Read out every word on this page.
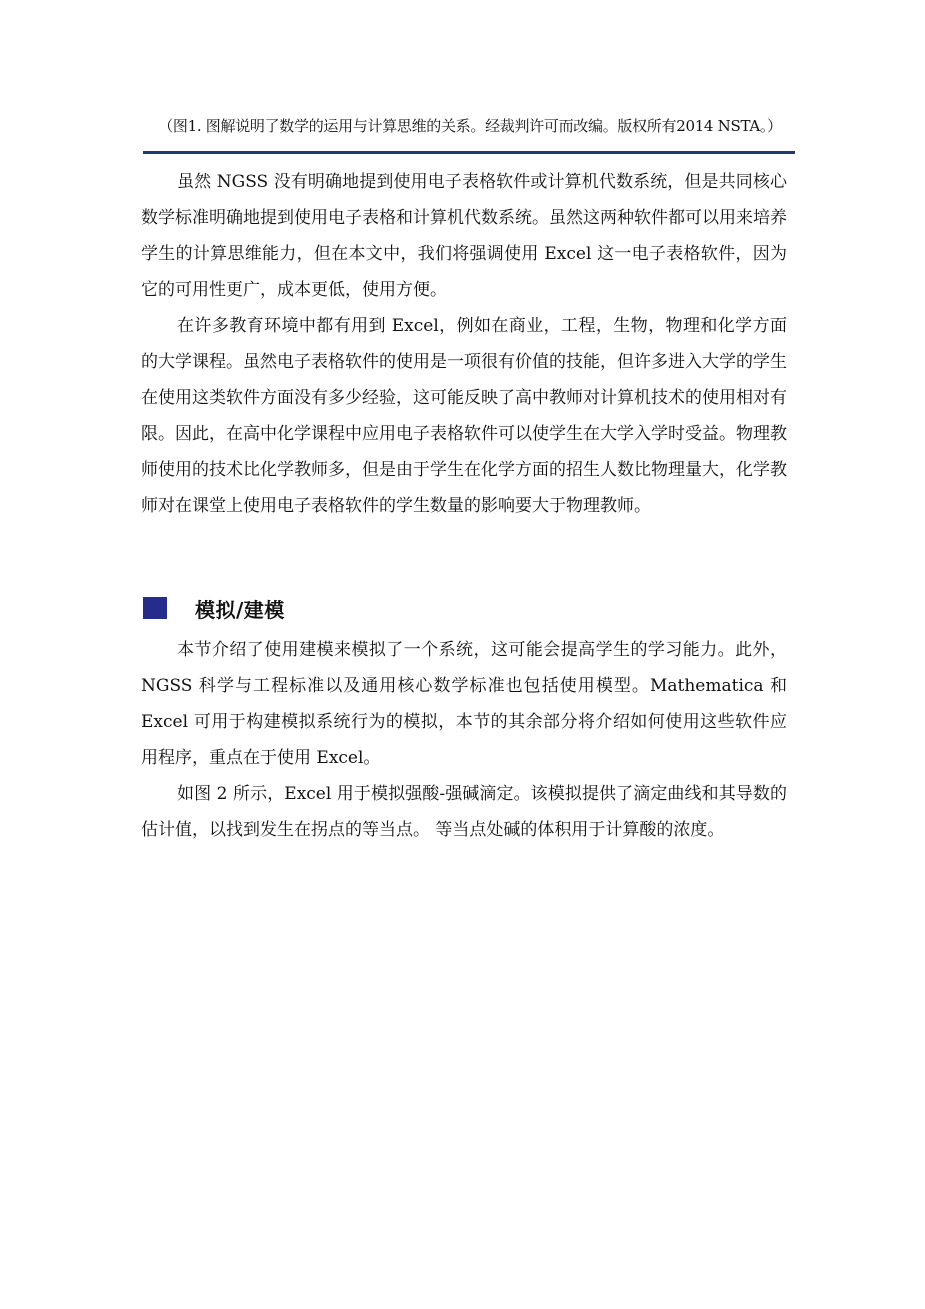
（图1. 图解说明了数学的运用与计算思维的关系。经裁判许可而改编。版权所有2014 NSTA。）

虽然 NGSS 没有明确地提到使用电子表格软件或计算机代数系统，但是共同核心数学标准明确地提到使用电子表格和计算机代数系统。虽然这两种软件都可以用来培养学生的计算思维能力，但在本文中，我们将强调使用 Excel 这一电子表格软件，因为它的可用性更广，成本更低，使用方便。

在许多教育环境中都有用到 Excel，例如在商业，工程，生物，物理和化学方面的大学课程。虽然电子表格软件的使用是一项很有价值的技能，但许多进入大学的学生在使用这类软件方面没有多少经验，这可能反映了高中教师对计算机技术的使用相对有限。因此，在高中化学课程中应用电子表格软件可以使学生在大学入学时受益。物理教师使用的技术比化学教师多，但是由于学生在化学方面的招生人数比物理量大，化学教师对在课堂上使用电子表格软件的学生数量的影响要大于物理教师。

模拟/建模

本节介绍了使用建模来模拟了一个系统，这可能会提高学生的学习能力。此外，NGSS 科学与工程标准以及通用核心数学标准也包括使用模型。Mathematica 和 Excel 可用于构建模拟系统行为的模拟，本节的其余部分将介绍如何使用这些软件应用程序，重点在于使用 Excel。

如图 2 所示，Excel 用于模拟强酸-强碱滴定。该模拟提供了滴定曲线和其导数的估计值，以找到发生在拐点的等当点。 等当点处碱的体积用于计算酸的浓度。
